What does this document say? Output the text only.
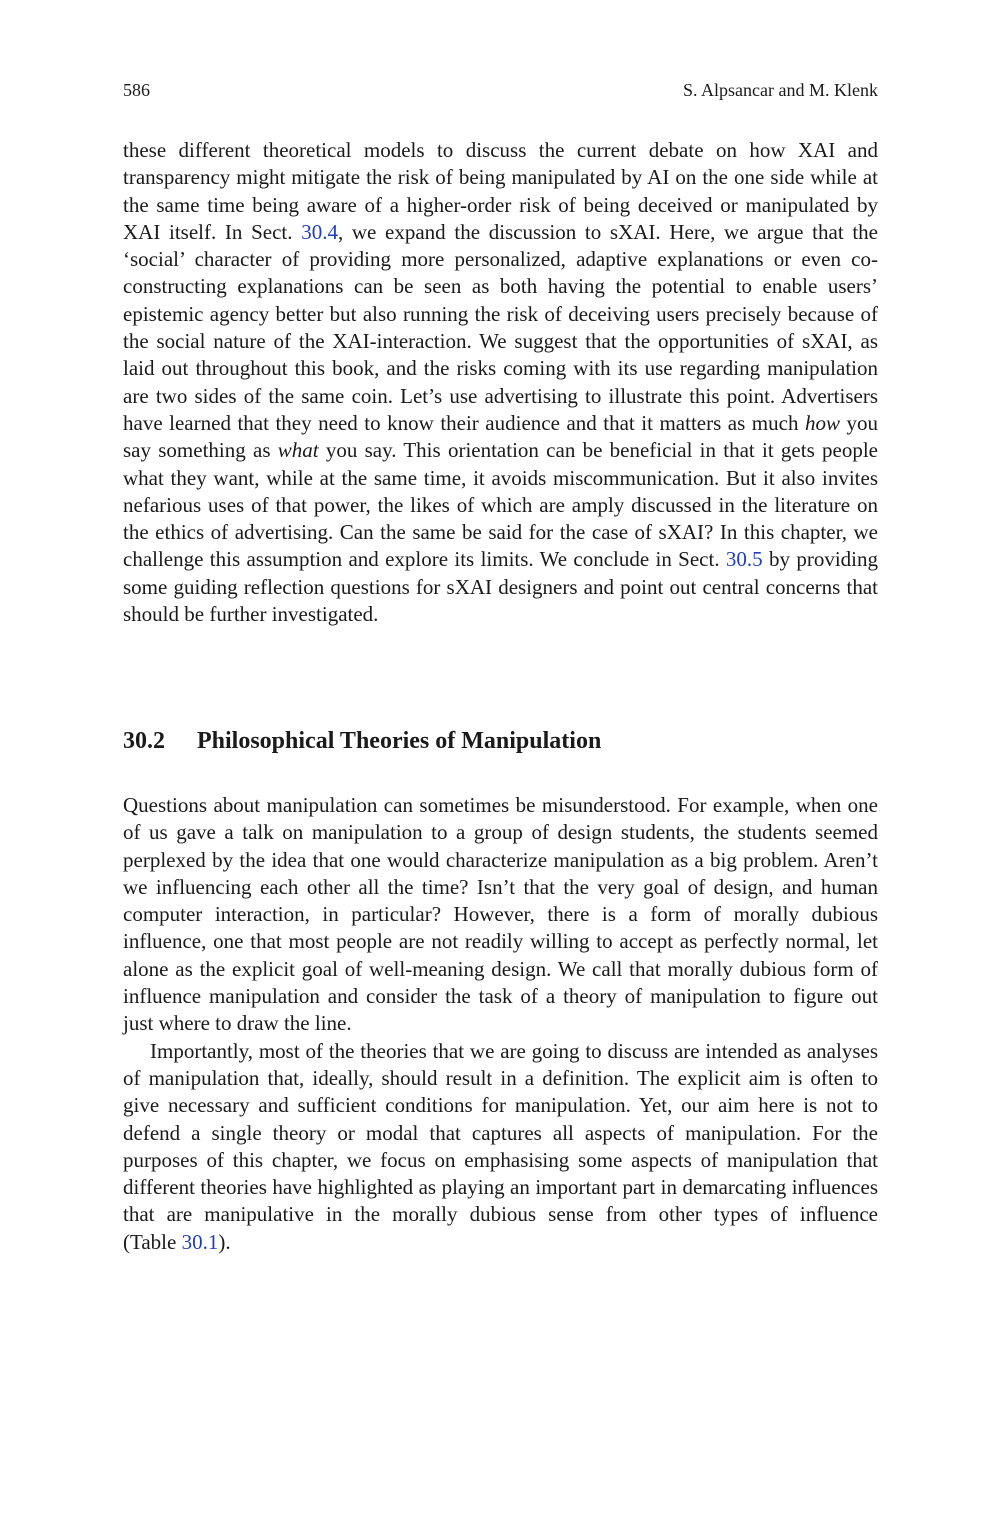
586	S. Alpsancar and M. Klenk

these different theoretical models to discuss the current debate on how XAI and transparency might mitigate the risk of being manipulated by AI on the one side while at the same time being aware of a higher-order risk of being deceived or manipulated by XAI itself. In Sect. 30.4, we expand the discussion to sXAI. Here, we argue that the ‘social’ character of providing more personalized, adaptive explanations or even co-constructing explanations can be seen as both having the potential to enable users’ epistemic agency better but also running the risk of deceiving users precisely because of the social nature of the XAI-interaction. We suggest that the opportunities of sXAI, as laid out throughout this book, and the risks coming with its use regarding manipulation are two sides of the same coin. Let’s use advertising to illustrate this point. Advertisers have learned that they need to know their audience and that it matters as much how you say something as what you say. This orientation can be beneficial in that it gets people what they want, while at the same time, it avoids miscommunication. But it also invites nefarious uses of that power, the likes of which are amply discussed in the literature on the ethics of advertising. Can the same be said for the case of sXAI? In this chapter, we challenge this assumption and explore its limits. We conclude in Sect. 30.5 by providing some guiding reflection questions for sXAI designers and point out central concerns that should be further investigated.

30.2 Philosophical Theories of Manipulation

Questions about manipulation can sometimes be misunderstood. For example, when one of us gave a talk on manipulation to a group of design students, the students seemed perplexed by the idea that one would characterize manipulation as a big problem. Aren’t we influencing each other all the time? Isn’t that the very goal of design, and human computer interaction, in particular? However, there is a form of morally dubious influence, one that most people are not readily willing to accept as perfectly normal, let alone as the explicit goal of well-meaning design. We call that morally dubious form of influence manipulation and consider the task of a theory of manipulation to figure out just where to draw the line.

Importantly, most of the theories that we are going to discuss are intended as analyses of manipulation that, ideally, should result in a definition. The explicit aim is often to give necessary and sufficient conditions for manipulation. Yet, our aim here is not to defend a single theory or modal that captures all aspects of manipulation. For the purposes of this chapter, we focus on emphasising some aspects of manipulation that different theories have highlighted as playing an important part in demarcating influences that are manipulative in the morally dubious sense from other types of influence (Table 30.1).
